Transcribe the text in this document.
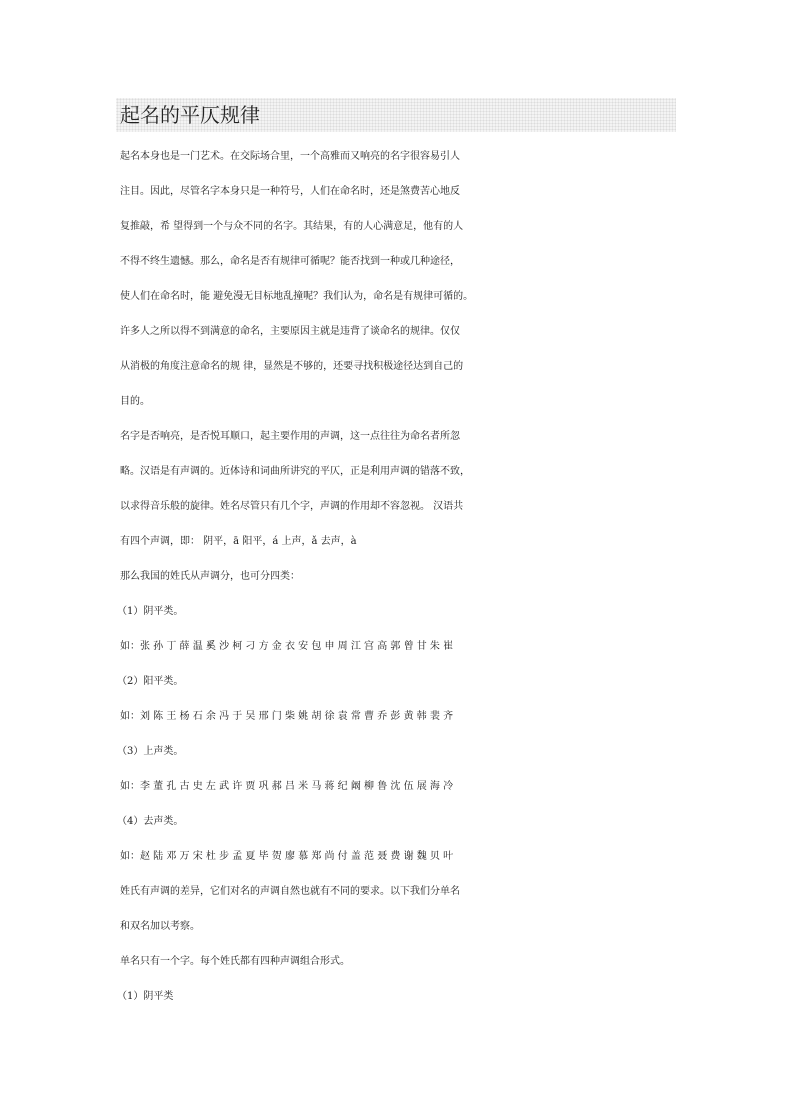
起名的平仄规律
起名本身也是一门艺术。在交际场合里，一个高雅而又响亮的名字很容易引人
注目。因此，尽管名字本身只是一种符号，人们在命名时，还是煞费苦心地反
复推敲，希 望得到一个与众不同的名字。其结果，有的人心满意足，他有的人
不得不终生遗憾。那么，命名是否有规律可循呢？能否找到一种或几种途径，
使人们在命名时，能 避免漫无目标地乱撞呢？我们认为，命名是有规律可循的。
许多人之所以得不到满意的命名，主要原因主就是违背了谈命名的规律。仅仅
从消极的角度注意命名的规 律，显然是不够的，还要寻找积极途径达到自己的
目的。
名字是否响亮，是否悦耳顺口，起主要作用的声调，这一点往往为命名者所忽
略。汉语是有声调的。近体诗和词曲所讲究的平仄，正是利用声调的错落不致，
以求得音乐般的旋律。姓名尽管只有几个字，声调的作用却不容忽视。 汉语共
有四个声调，即： 阴平，ā 阳平，á 上声，ǎ 去声，à
那么我国的姓氏从声调分，也可分四类：
（1）阴平类。
如：张 孙 丁 薛 温 奚 沙 柯 刁 方 金 衣 安 包 申 周 江 宫 高 郭 曾 甘 朱 崔
（2）阳平类。
如：刘 陈 王 杨 石 余 冯 于 吴 邢 门 柴 姚 胡 徐 袁 常 曹 乔 彭 黄 韩 裴 齐
（3）上声类。
如：李 董 孔 古 史 左 武 许 贾 巩 郝 吕 米 马 蒋 纪 阚 柳 鲁 沈 伍 展 海 冷
（4）去声类。
如：赵 陆 邓 万 宋 杜 步 孟 夏 毕 贺 廖 慕 郑 尚 付 盖 范 聂 费 谢 魏 贝 叶
姓氏有声调的差异，它们对名的声调自然也就有不同的要求。以下我们分单名
和双名加以考察。
单名只有一个字。每个姓氏都有四种声调组合形式。
（1）阴平类
